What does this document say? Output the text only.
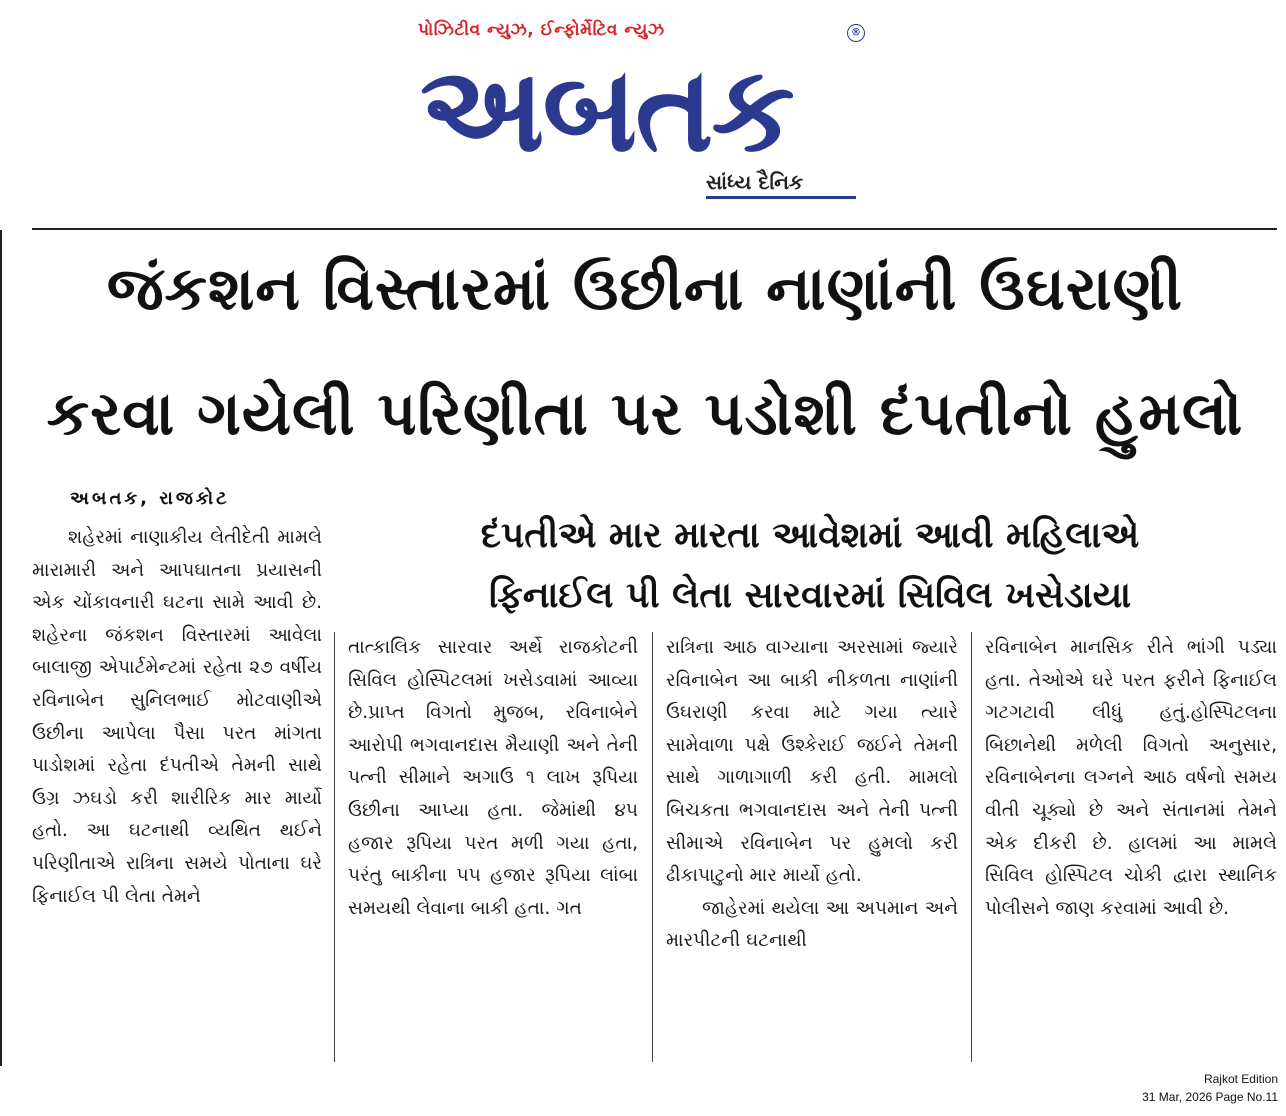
પોઝિટીવ ન્યુઝ, ઈન્ફોર્મેટિવ ન્યુઝ	®
અબતક
સાંધ્ય દૈનિક
જંકશન વિસ્તારમાં ઉછીના નાણાંની ઉઘરાણી
કરવા ગયેલી પરિણીતા પર પડોશી દંપતીનો હુમલો
અબતક, રાજકોટ
દંપતીએ માર મારતા આવેશમાં આવી મહિલાએ
ફિનાઈલ પી લેતા સારવારમાં સિવિલ ખસેડાયા

શહેરમાં નાણાકીય લેતીદેતી મામલે મારામારી અને આપઘાતના પ્રયાસની એક ચોંકાવનારી ઘટના સામે આવી છે. શહેરના જંકશન વિસ્તારમાં આવેલા બાલાજી એપાર્ટમેન્ટમાં રહેતા ૨૭ વર્ષીય રવિનાબેન સુનિલભાઈ મોટવાણીએ ઉછીના આપેલા પૈસા પરત માંગતા પાડોશમાં રહેતા દંપતીએ તેમની સાથે ઉગ્ર ઝઘડો કરી શારીરિક માર માર્યો હતો. આ ઘટનાથી વ્યથિત થઈને પરિણીતાએ રાત્રિના સમયે પોતાના ઘરે ફિનાઈલ પી લેતા તેમને

તાત્કાલિક સારવાર અર્થે રાજકોટની સિવિલ હોસ્પિટલમાં ખસેડવામાં આવ્યા છે.પ્રાપ્ત વિગતો મુજબ, રવિનાબેને આરોપી ભગવાનદાસ મૈયાણી અને તેની પત્ની સીમાને અગાઉ ૧ લાખ રૂપિયા ઉછીના આપ્યા હતા. જેમાંથી ૪૫ હજાર રૂપિયા પરત મળી ગયા હતા, પરંતુ બાકીના ૫૫ હજાર રૂપિયા લાંબા સમયથી લેવાના બાકી હતા. ગત

રાત્રિના આઠ વાગ્યાના અરસામાં જ્યારે રવિનાબેન આ બાકી નીકળતા નાણાંની ઉઘરાણી કરવા માટે ગયા ત્યારે સામેવાળા પક્ષે ઉશ્કેરાઈ જઈને તેમની સાથે ગાળાગાળી કરી હતી. મામલો બિચકતા ભગવાનદાસ અને તેની પત્ની સીમાએ રવિનાબેન પર હુમલો કરી ઢીકાપાટુનો માર માર્યો હતો.

જાહેરમાં થયેલા આ અપમાન અને મારપીટની ઘટનાથી

રવિનાબેન માનસિક રીતે ભાંગી પડ્યા હતા. તેઓએ ઘરે પરત ફરીને ફિનાઈલ ગટગટાવી લીધું હતું.હોસ્પિટલના બિછાનેથી મળેલી વિગતો અનુસાર, રવિનાબેનના લગ્નને આઠ વર્ષનો સમય વીતી ચૂક્યો છે અને સંતાનમાં તેમને એક દીકરી છે. હાલમાં આ મામલે સિવિલ હોસ્પિટલ ચોકી દ્વારા સ્થાનિક પોલીસને જાણ કરવામાં આવી છે.

Rajkot Edition
31 Mar, 2026 Page No.11
